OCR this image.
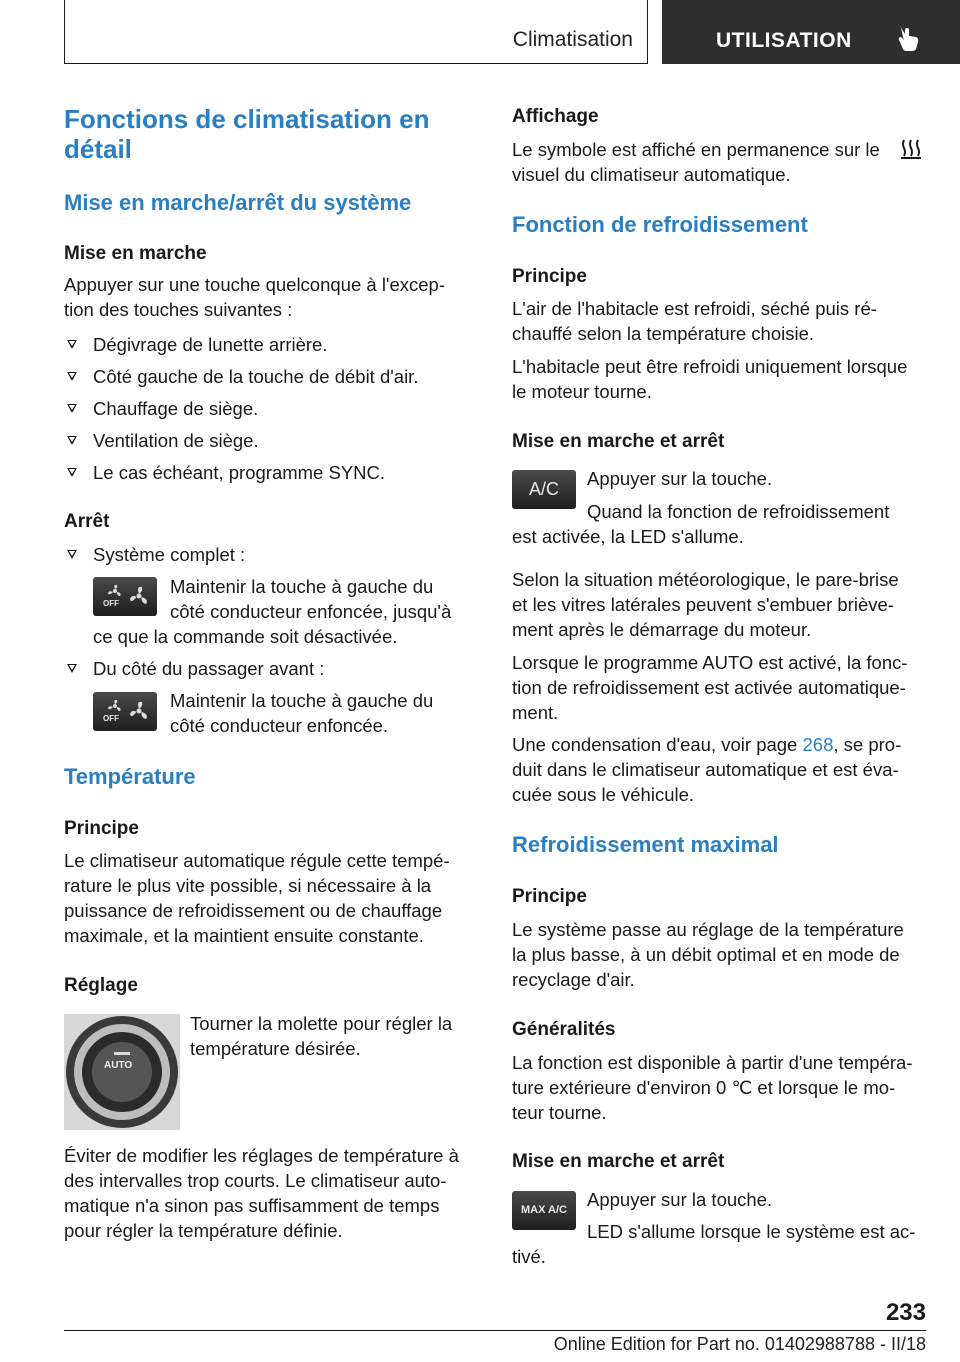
Climatisation	UTILISATION
Fonctions de climatisation en
détail
Mise en marche/arrêt du système
Mise en marche
Appuyer sur une touche quelconque à l'excep-
tion des touches suivantes :
Dégivrage de lunette arrière.
Côté gauche de la touche de débit d'air.
Chauffage de siège.
Ventilation de siège.
Le cas échéant, programme SYNC.
Arrêt
Système complet :
OFF
Maintenir la touche à gauche du
côté conducteur enfoncée, jusqu'à
ce que la commande soit désactivée.
Du côté du passager avant :
OFF
Maintenir la touche à gauche du
côté conducteur enfoncée.
Température
Principe
Le climatiseur automatique régule cette tempé-
rature le plus vite possible, si nécessaire à la
puissance de refroidissement ou de chauffage
maximale, et la maintient ensuite constante.
Réglage
AUTO
Tourner la molette pour régler la
température désirée.
Éviter de modifier les réglages de température à
des intervalles trop courts. Le climatiseur auto-
matique n'a sinon pas suffisamment de temps
pour régler la température définie.
Affichage
Le symbole est affiché en permanence sur le
visuel du climatiseur automatique.
Fonction de refroidissement
Principe
L'air de l'habitacle est refroidi, séché puis ré-
chauffé selon la température choisie.
L'habitacle peut être refroidi uniquement lorsque
le moteur tourne.
Mise en marche et arrêt
A/C	Appuyer sur la touche.
Quand la fonction de refroidissement
est activée, la LED s'allume.
Selon la situation météorologique, le pare-brise
et les vitres latérales peuvent s'embuer briève-
ment après le démarrage du moteur.
Lorsque le programme AUTO est activé, la fonc-
tion de refroidissement est activée automatique-
ment.
Une condensation d'eau, voir page 268, se pro-
duit dans le climatiseur automatique et est éva-
cuée sous le véhicule.
Refroidissement maximal
Principe
Le système passe au réglage de la température
la plus basse, à un débit optimal et en mode de
recyclage d'air.
Généralités
La fonction est disponible à partir d'une tempéra-
ture extérieure d'environ 0 ℃ et lorsque le mo-
teur tourne.
Mise en marche et arrêt
MAX A/C	Appuyer sur la touche.
LED s'allume lorsque le système est ac-
tivé.
233
Online Edition for Part no. 01402988788 - II/18
